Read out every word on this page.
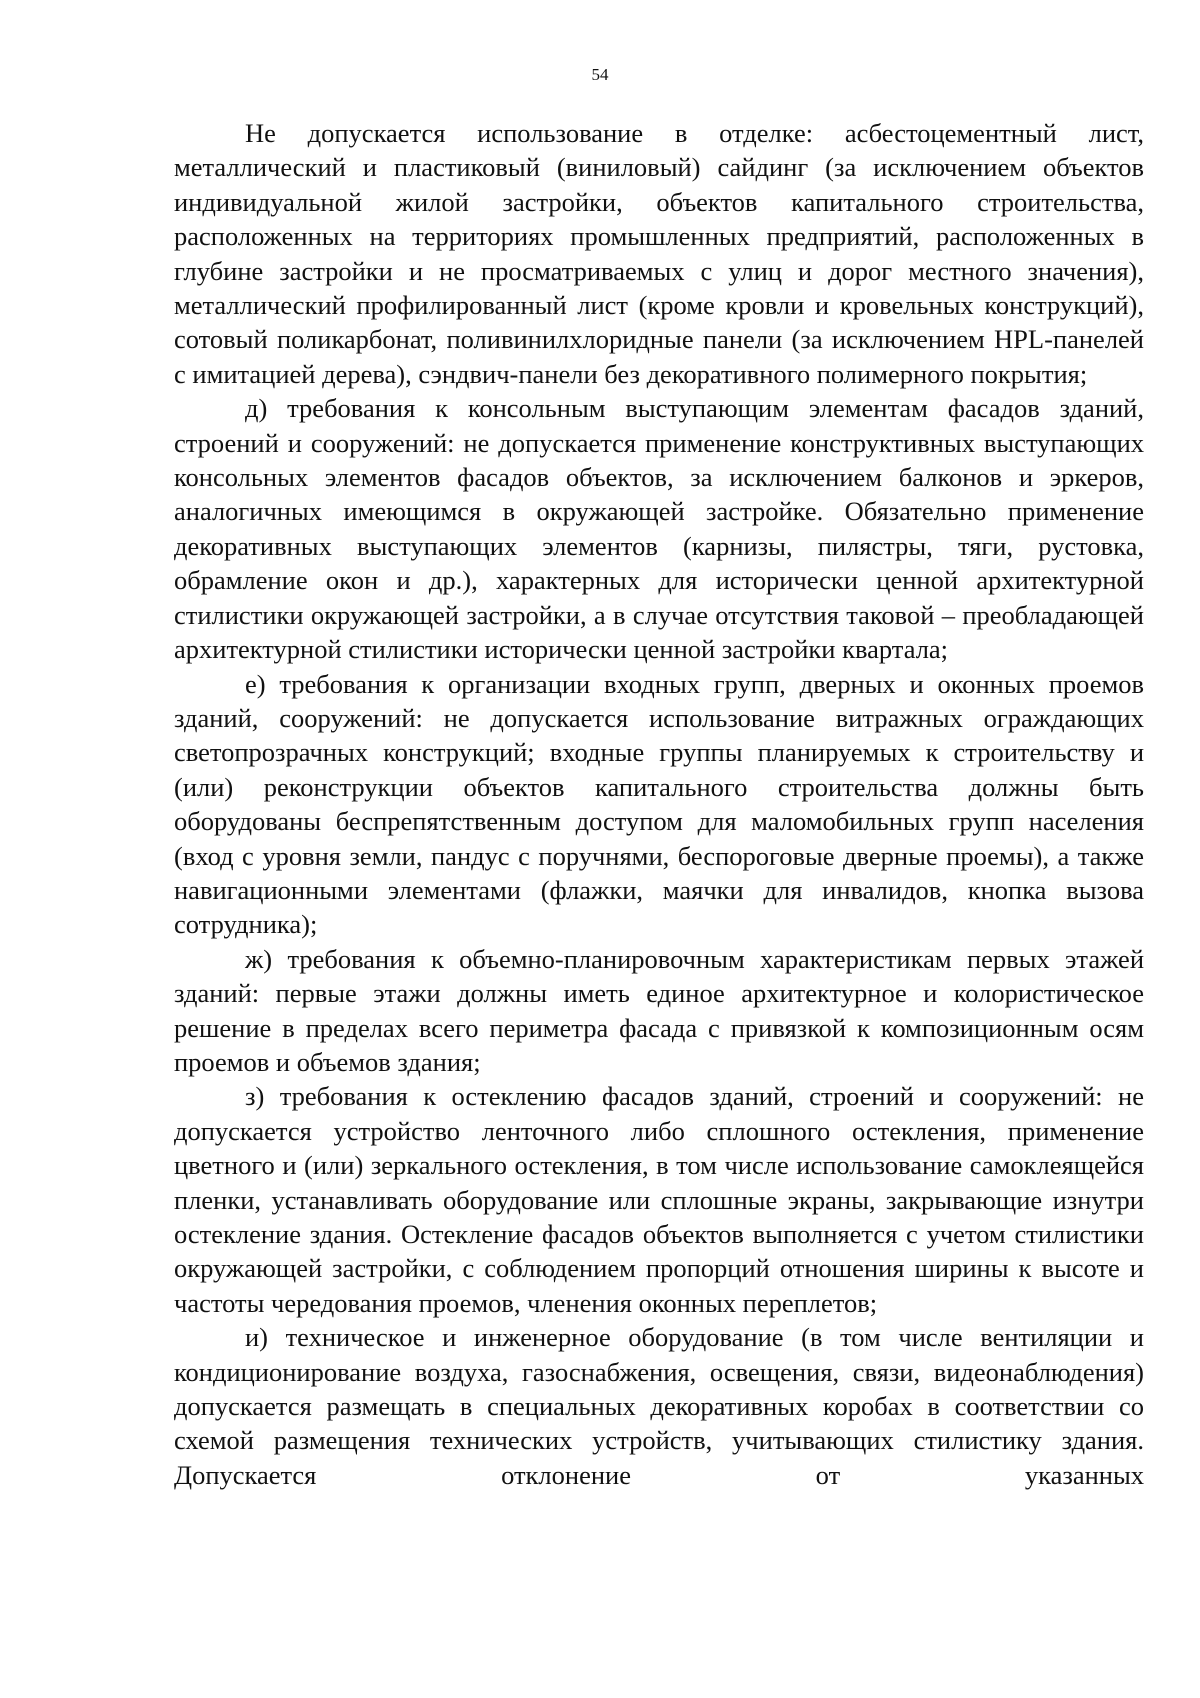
54

Не допускается использование в отделке: асбестоцементный лист, металлический и пластиковый (виниловый) сайдинг (за исключением объектов индивидуальной жилой застройки, объектов капитального строительства, расположенных на территориях промышленных предприятий, расположенных в глубине застройки и не просматриваемых с улиц и дорог местного значения), металлический профилированный лист (кроме кровли и кровельных конструкций), сотовый поликарбонат, поливинилхлоридные панели (за исключением HPL-панелей с имитацией дерева), сэндвич-панели без декоративного полимерного покрытия;

д) требования к консольным выступающим элементам фасадов зданий, строений и сооружений: не допускается применение конструктивных выступающих консольных элементов фасадов объектов, за исключением балконов и эркеров, аналогичных имеющимся в окружающей застройке. Обязательно применение декоративных выступающих элементов (карнизы, пилястры, тяги, рустовка, обрамление окон и др.), характерных для исторически ценной архитектурной стилистики окружающей застройки, а в случае отсутствия таковой – преобладающей архитектурной стилистики исторически ценной застройки квартала;

е) требования к организации входных групп, дверных и оконных проемов зданий, сооружений: не допускается использование витражных ограждающих светопрозрачных конструкций; входные группы планируемых к строительству и (или) реконструкции объектов капитального строительства должны быть оборудованы беспрепятственным доступом для маломобильных групп населения (вход с уровня земли, пандус с поручнями, беспороговые дверные проемы), а также навигационными элементами (флажки, маячки для инвалидов, кнопка вызова сотрудника);

ж) требования к объемно-планировочным характеристикам первых этажей зданий: первые этажи должны иметь единое архитектурное и колористическое решение в пределах всего периметра фасада с привязкой к композиционным осям проемов и объемов здания;

з) требования к остеклению фасадов зданий, строений и сооружений: не допускается устройство ленточного либо сплошного остекления, применение цветного и (или) зеркального остекления, в том числе использование самоклеящейся пленки, устанавливать оборудование или сплошные экраны, закрывающие изнутри остекление здания. Остекление фасадов объектов выполняется с учетом стилистики окружающей застройки, с соблюдением пропорций отношения ширины к высоте и частоты чередования проемов, членения оконных переплетов;

и) техническое и инженерное оборудование (в том числе вентиляции и кондиционирование воздуха, газоснабжения, освещения, связи, видеонаблюдения) допускается размещать в специальных декоративных коробах в соответствии со схемой размещения технических устройств, учитывающих стилистику здания. Допускается отклонение от указанных
